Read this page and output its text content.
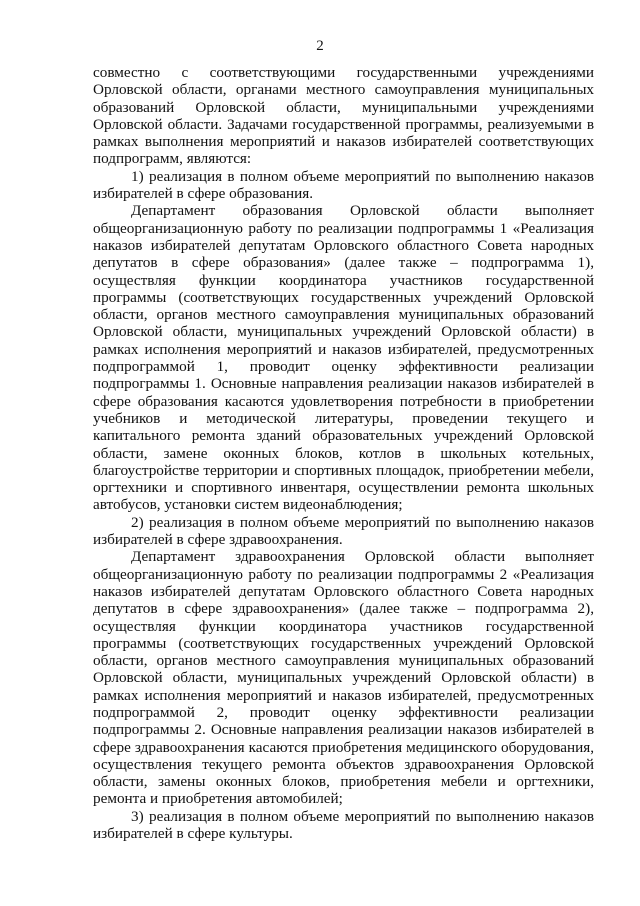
2

совместно с соответствующими государственными учреждениями Орловской области, органами местного самоуправления муниципальных образований Орловской области, муниципальными учреждениями Орловской области. Задачами государственной программы, реализуемыми в рамках выполнения мероприятий и наказов избирателей соответствующих подпрограмм, являются:

1) реализация в полном объеме мероприятий по выполнению наказов избирателей в сфере образования.

Департамент образования Орловской области выполняет общеорганизационную работу по реализации подпрограммы 1 «Реализация наказов избирателей депутатам Орловского областного Совета народных депутатов в сфере образования» (далее также – подпрограмма 1), осуществляя функции координатора участников государственной программы (соответствующих государственных учреждений Орловской области, органов местного самоуправления муниципальных образований Орловской области, муниципальных учреждений Орловской области) в рамках исполнения мероприятий и наказов избирателей, предусмотренных подпрограммой 1, проводит оценку эффективности реализации подпрограммы 1. Основные направления реализации наказов избирателей в сфере образования касаются удовлетворения потребности в приобретении учебников и методической литературы, проведении текущего и капитального ремонта зданий образовательных учреждений Орловской области, замене оконных блоков, котлов в школьных котельных, благоустройстве территории и спортивных площадок, приобретении мебели, оргтехники и спортивного инвентаря, осуществлении ремонта школьных автобусов, установки систем видеонаблюдения;

2) реализация в полном объеме мероприятий по выполнению наказов избирателей в сфере здравоохранения.

Департамент здравоохранения Орловской области выполняет общеорганизационную работу по реализации подпрограммы 2 «Реализация наказов избирателей депутатам Орловского областного Совета народных депутатов в сфере здравоохранения» (далее также – подпрограмма 2), осуществляя функции координатора участников государственной программы (соответствующих государственных учреждений Орловской области, органов местного самоуправления муниципальных образований Орловской области, муниципальных учреждений Орловской области) в рамках исполнения мероприятий и наказов избирателей, предусмотренных подпрограммой 2, проводит оценку эффективности реализации подпрограммы 2. Основные направления реализации наказов избирателей в сфере здравоохранения касаются приобретения медицинского оборудования, осуществления текущего ремонта объектов здравоохранения Орловской области, замены оконных блоков, приобретения мебели и оргтехники, ремонта и приобретения автомобилей;

3) реализация в полном объеме мероприятий по выполнению наказов избирателей в сфере культуры.
